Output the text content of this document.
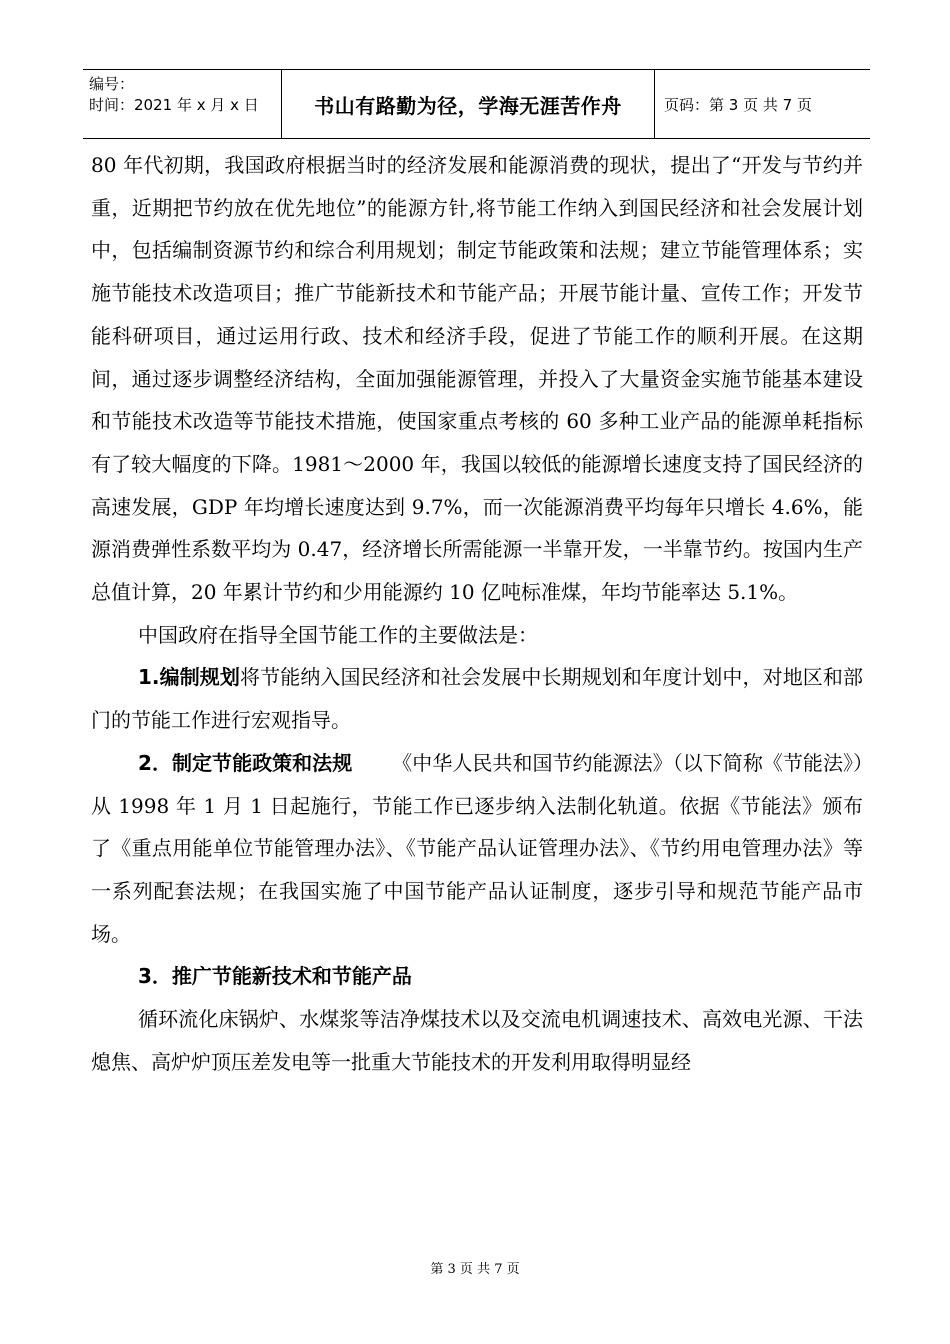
编号：
时间：2021 年 x 月 x 日	书山有路勤为径，学海无涯苦作舟	页码：第 3 页 共 7 页

80 年代初期，我国政府根据当时的经济发展和能源消费的现状，提出了“开发与节约并重，近期把节约放在优先地位”的能源方针,将节能工作纳入到国民经济和社会发展计划中，包括编制资源节约和综合利用规划；制定节能政策和法规；建立节能管理体系；实施节能技术改造项目；推广节能新技术和节能产品；开展节能计量、宣传工作；开发节能科研项目，通过运用行政、技术和经济手段，促进了节能工作的顺利开展。在这期间，通过逐步调整经济结构，全面加强能源管理，并投入了大量资金实施节能基本建设和节能技术改造等节能技术措施，使国家重点考核的 60 多种工业产品的能源单耗指标有了较大幅度的下降。1981～2000 年，我国以较低的能源增长速度支持了国民经济的高速发展，GDP 年均增长速度达到 9.7%，而一次能源消费平均每年只增长 4.6%，能源消费弹性系数平均为 0.47，经济增长所需能源一半靠开发，一半靠节约。按国内生产总值计算，20 年累计节约和少用能源约 10 亿吨标准煤，年均节能率达 5.1%。

中国政府在指导全国节能工作的主要做法是：

1.编制规划将节能纳入国民经济和社会发展中长期规划和年度计划中，对地区和部门的节能工作进行宏观指导。

2．制定节能政策和法规 《中华人民共和国节约能源法》（以下简称《节能法》）从 1998 年 1 月 1 日起施行，节能工作已逐步纳入法制化轨道。依据《节能法》颁布了《重点用能单位节能管理办法》、《节能产品认证管理办法》、《节约用电管理办法》等一系列配套法规；在我国实施了中国节能产品认证制度，逐步引导和规范节能产品市场。

3．推广节能新技术和节能产品

循环流化床锅炉、水煤浆等洁净煤技术以及交流电机调速技术、高效电光源、干法熄焦、高炉炉顶压差发电等一批重大节能技术的开发利用取得明显经

第 3 页 共 7 页
